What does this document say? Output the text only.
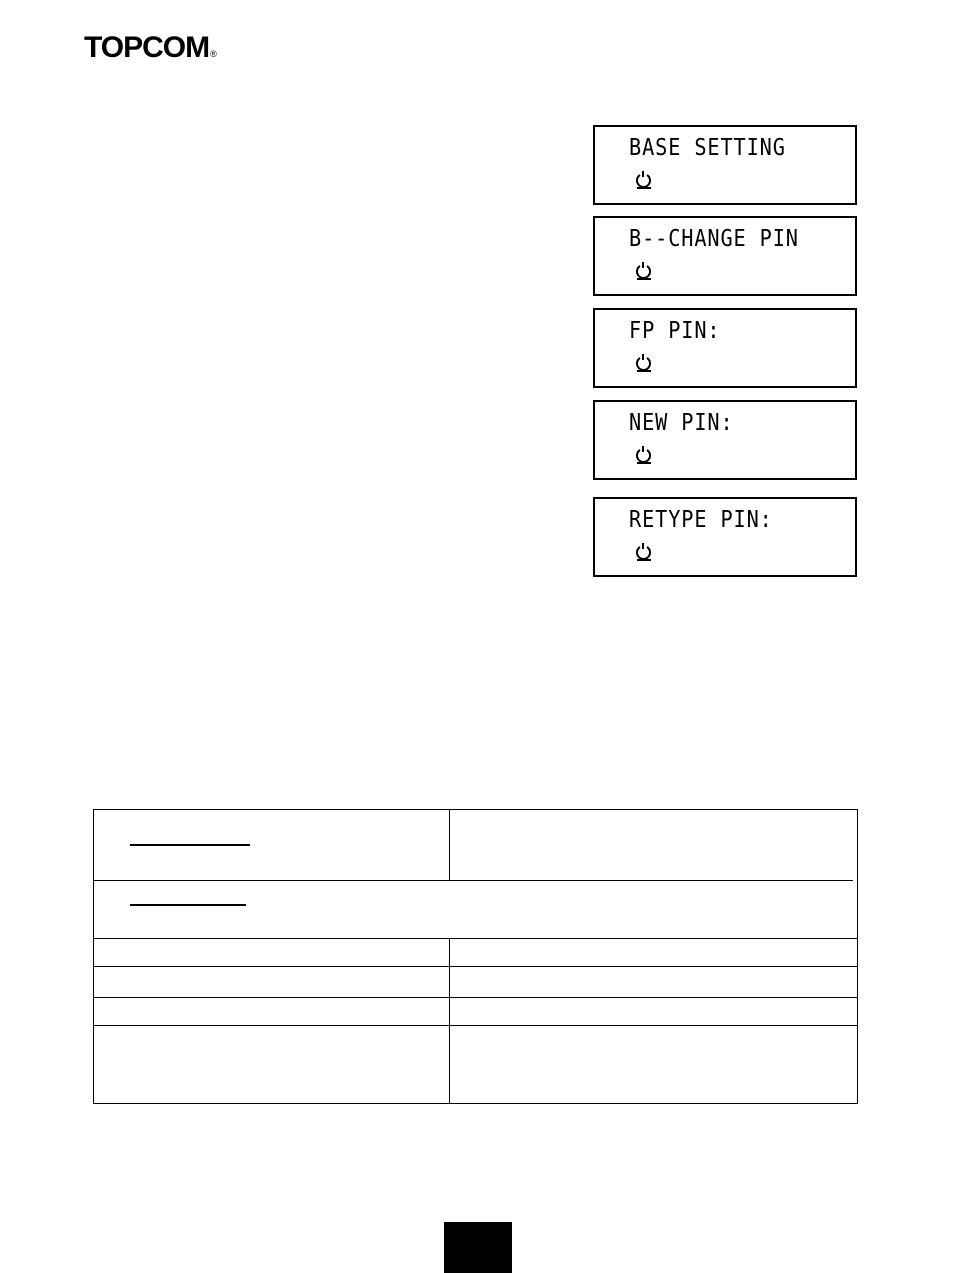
TOPCOM®
BASE SETTING
B--CHANGE PIN
FP PIN:
NEW PIN:
RETYPE PIN:
